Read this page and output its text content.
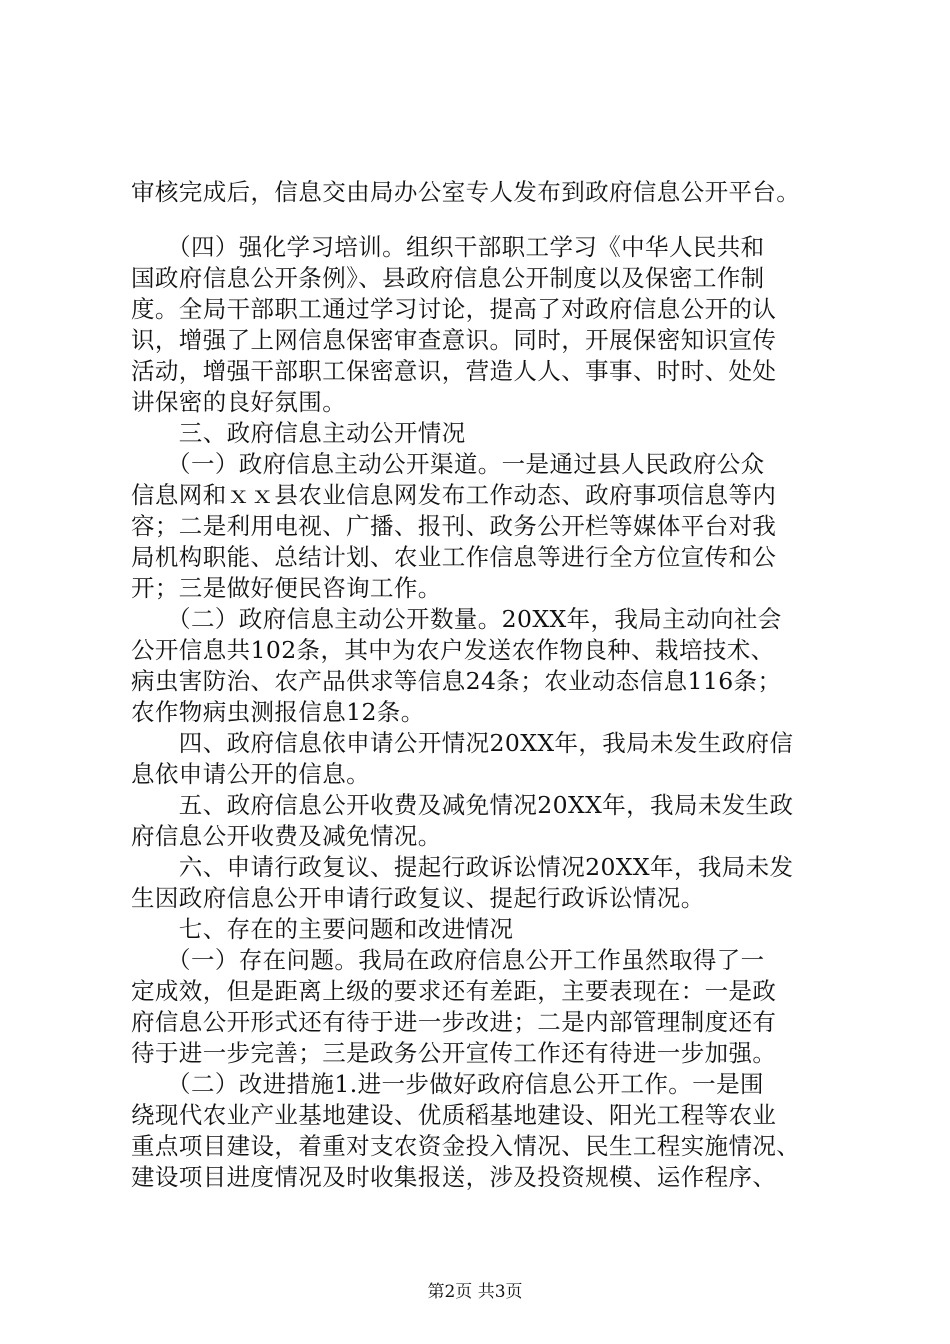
审核完成后，信息交由局办公室专人发布到政府信息公开平台。

　　（四）强化学习培训。组织干部职工学习《中华人民共和

国政府信息公开条例》、县政府信息公开制度以及保密工作制

度。全局干部职工通过学习讨论，提高了对政府信息公开的认

识，增强了上网信息保密审查意识。同时，开展保密知识宣传

活动，增强干部职工保密意识，营造人人、事事、时时、处处

讲保密的良好氛围。

　　三、政府信息主动公开情况

　　（一）政府信息主动公开渠道。一是通过县人民政府公众

信息网和ｘｘ县农业信息网发布工作动态、政府事项信息等内

容；二是利用电视、广播、报刊、政务公开栏等媒体平台对我

局机构职能、总结计划、农业工作信息等进行全方位宣传和公

开；三是做好便民咨询工作。

　　（二）政府信息主动公开数量。20XX年，我局主动向社会

公开信息共102条，其中为农户发送农作物良种、栽培技术、

病虫害防治、农产品供求等信息24条；农业动态信息116条；

农作物病虫测报信息12条。

　　四、政府信息依申请公开情况20XX年，我局未发生政府信

息依申请公开的信息。

　　五、政府信息公开收费及减免情况20XX年，我局未发生政

府信息公开收费及减免情况。

　　六、申请行政复议、提起行政诉讼情况20XX年，我局未发

生因政府信息公开申请行政复议、提起行政诉讼情况。

　　七、存在的主要问题和改进情况

　　（一）存在问题。我局在政府信息公开工作虽然取得了一

定成效，但是距离上级的要求还有差距，主要表现在：一是政

府信息公开形式还有待于进一步改进；二是内部管理制度还有

待于进一步完善；三是政务公开宣传工作还有待进一步加强。

　　（二）改进措施1.进一步做好政府信息公开工作。一是围

绕现代农业产业基地建设、优质稻基地建设、阳光工程等农业

重点项目建设，着重对支农资金投入情况、民生工程实施情况、

建设项目进度情况及时收集报送，涉及投资规模、运作程序、

第2页 共3页
